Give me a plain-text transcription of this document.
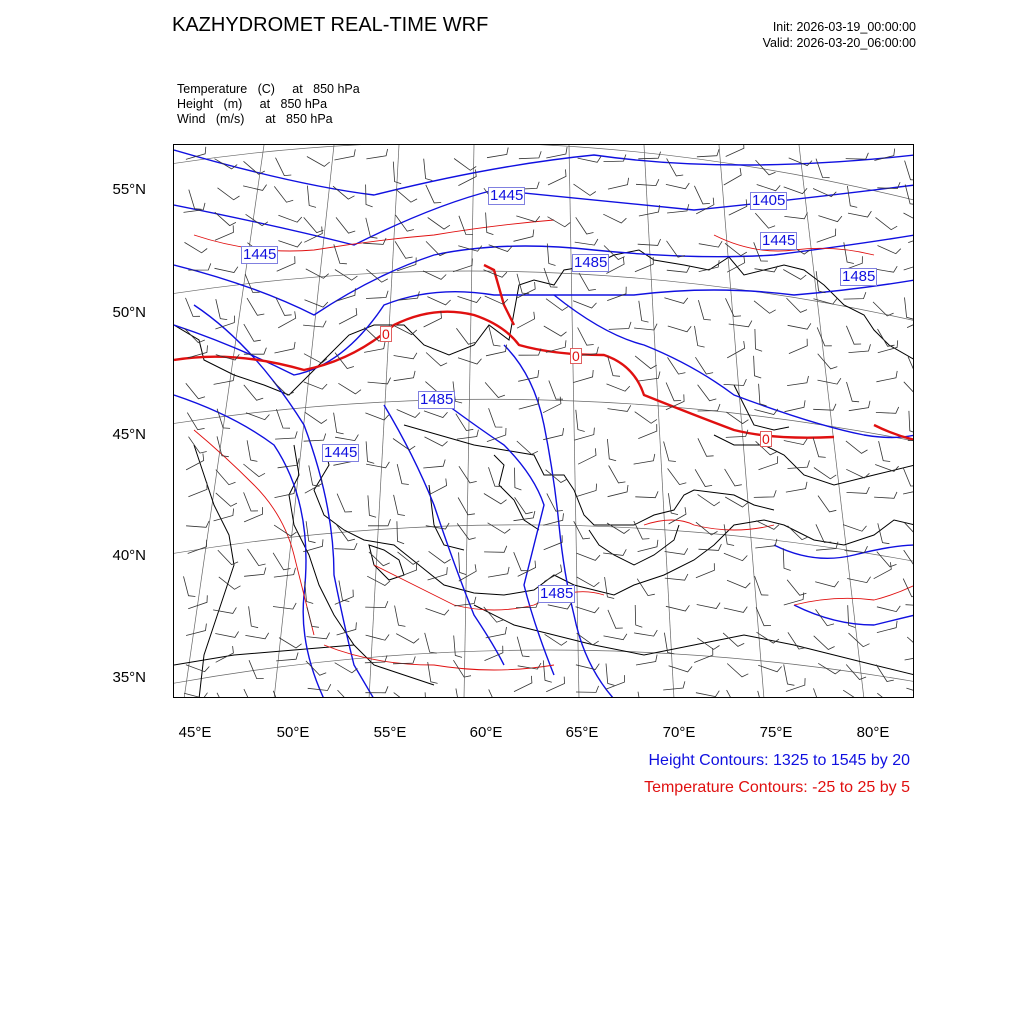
KAZHYDROMET REAL-TIME WRF	Init: 2026-03-19_00:00:00
Valid: 2026-03-20_06:00:00
Temperature   (C)     at   850 hPa
Height   (m)     at   850 hPa
Wind   (m/s)      at   850 hPa
1445	1405
1445
1445	1485
1485
1485
1445
1485
0
0
0
55°N
50°N
45°N
40°N
35°N
45°E	50°E	55°E	60°E	65°E	70°E	75°E	80°E
Height Contours: 1325 to 1545 by 20
Temperature Contours: -25 to 25 by 5
